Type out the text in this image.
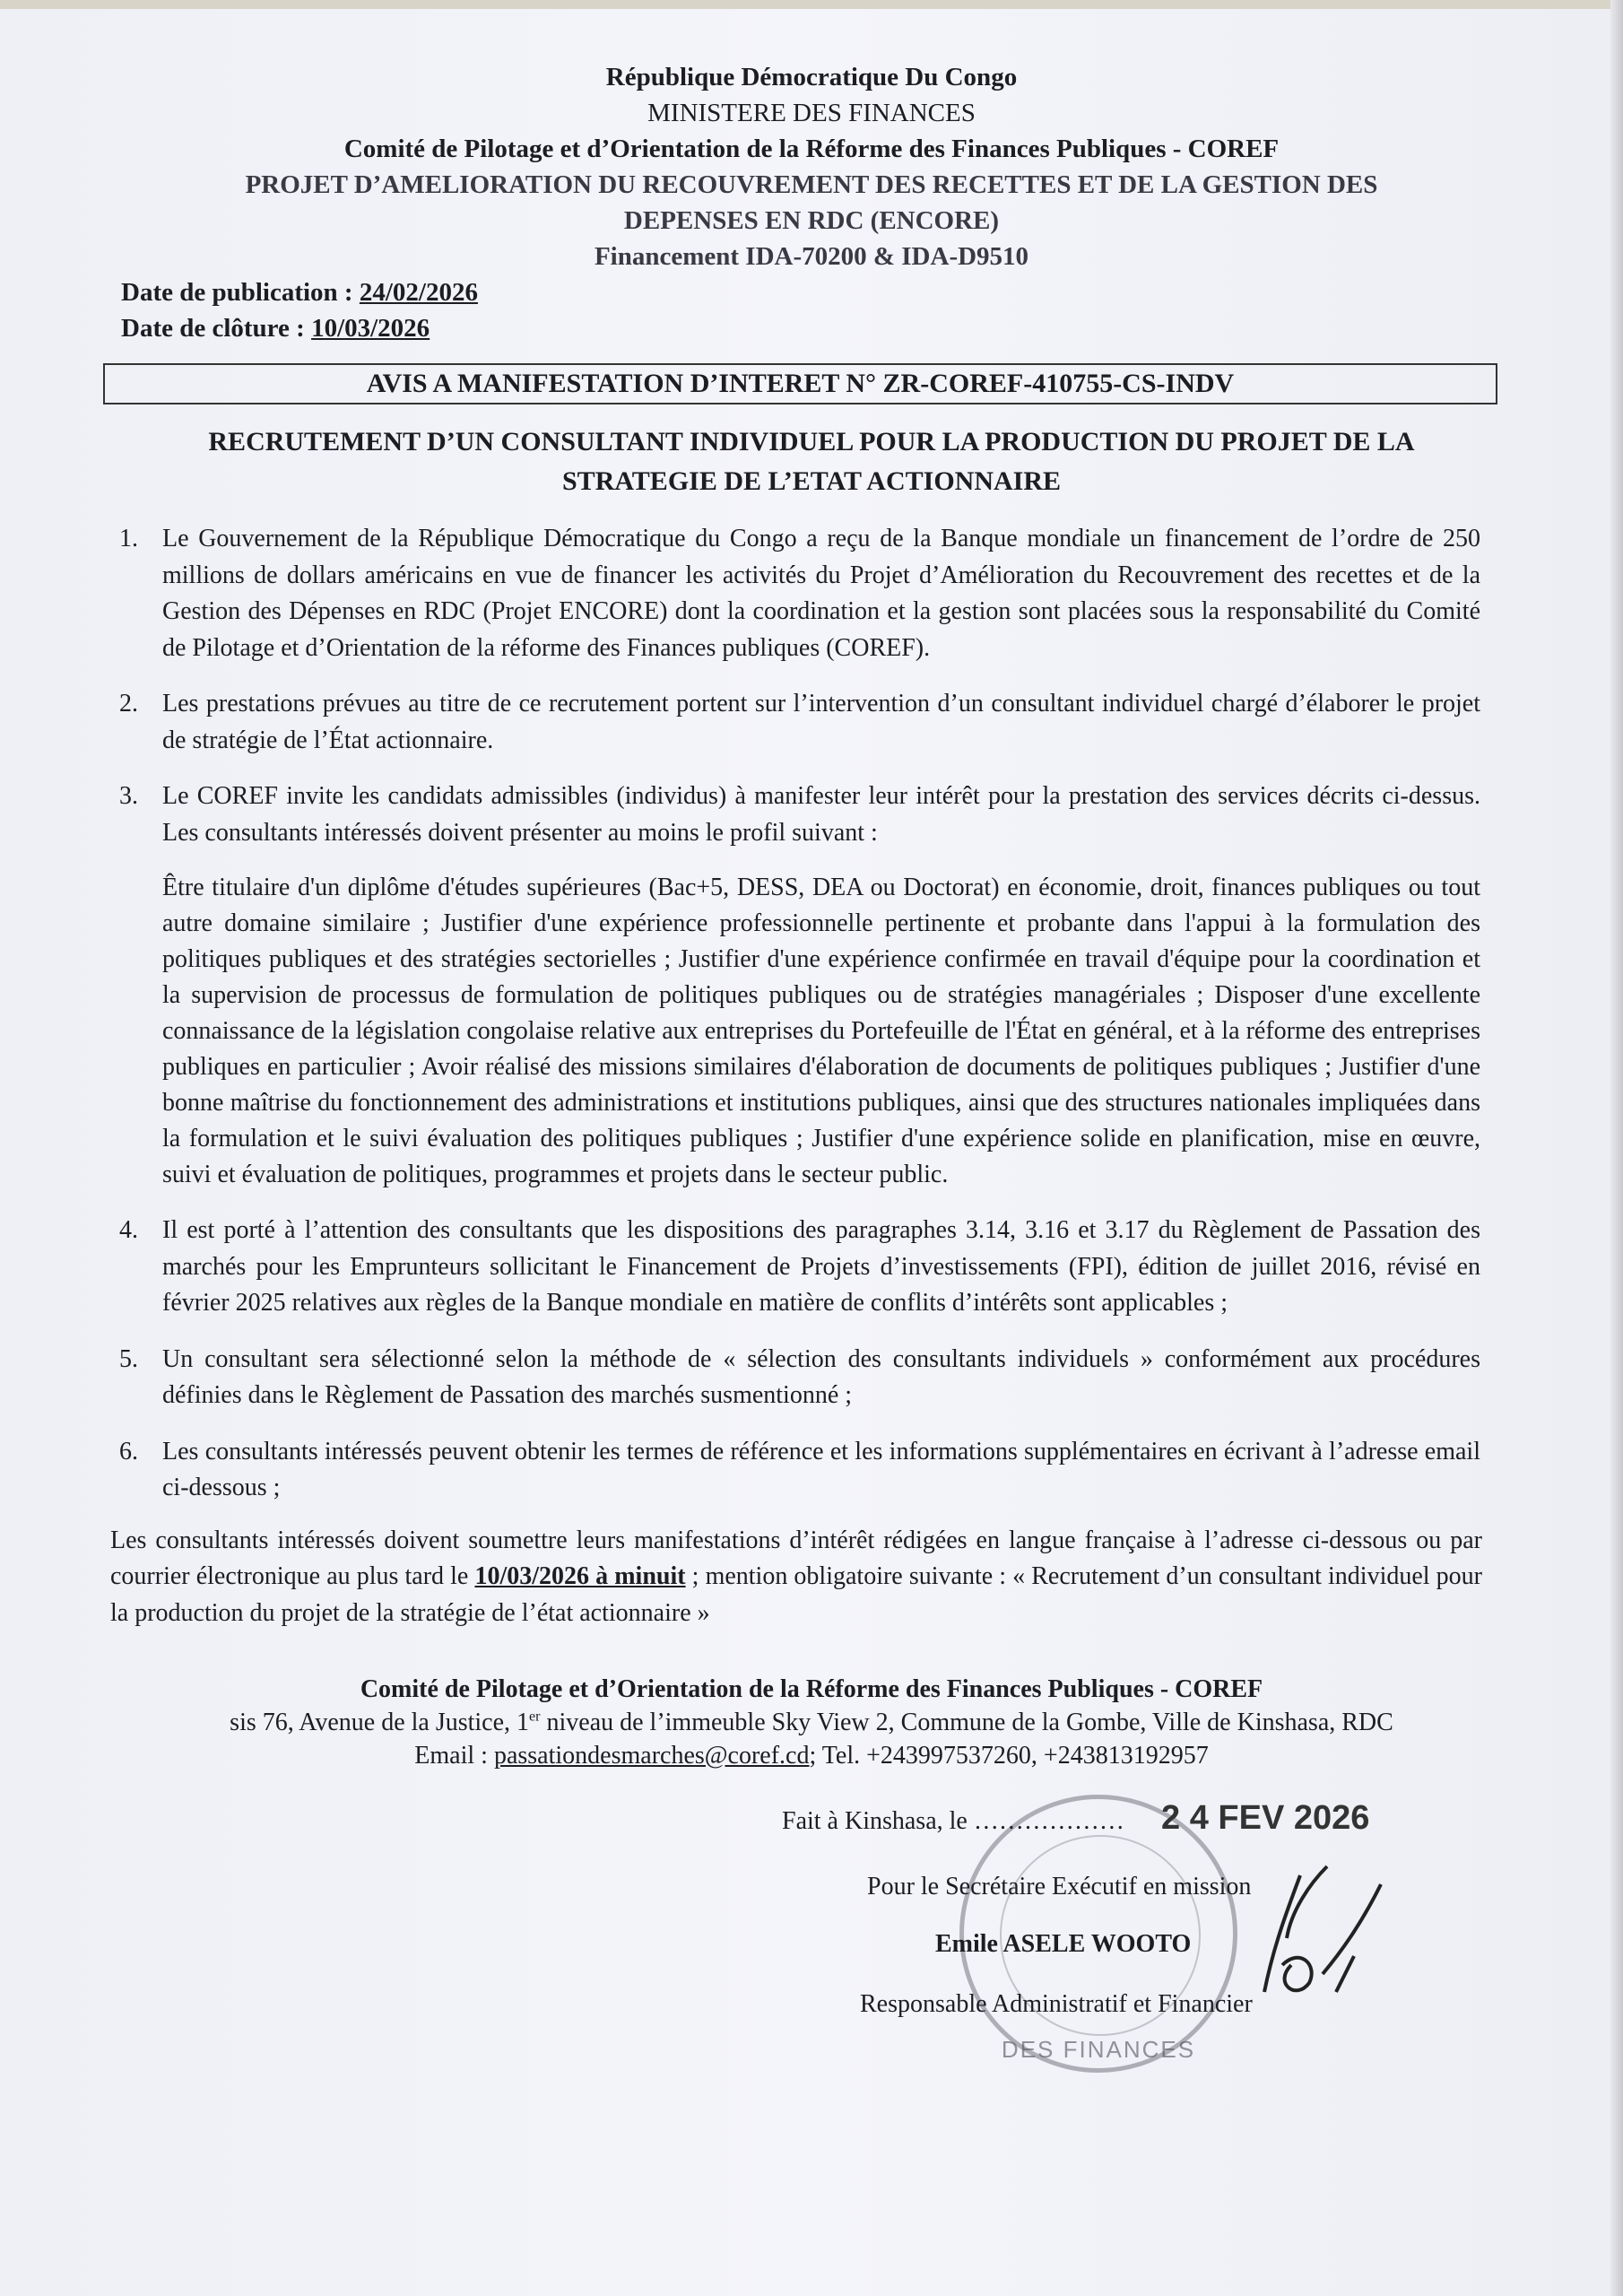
République Démocratique Du Congo
MINISTERE DES FINANCES
Comité de Pilotage et d’Orientation de la Réforme des Finances Publiques - COREF
PROJET D’AMELIORATION DU RECOUVREMENT DES RECETTES ET DE LA GESTION DES
DEPENSES EN RDC (ENCORE)
Financement IDA-70200 & IDA-D9510
Date de publication : 24/02/2026
Date de clôture : 10/03/2026
AVIS A MANIFESTATION D’INTERET N° ZR-COREF-410755-CS-INDV
RECRUTEMENT D’UN CONSULTANT INDIVIDUEL POUR LA PRODUCTION DU PROJET DE LA
STRATEGIE DE L’ETAT ACTIONNAIRE
1. Le Gouvernement de la République Démocratique du Congo a reçu de la Banque mondiale un financement de l’ordre de 250 millions de dollars américains en vue de financer les activités du Projet d’Amélioration du Recouvrement des recettes et de la Gestion des Dépenses en RDC (Projet ENCORE) dont la coordination et la gestion sont placées sous la responsabilité du Comité de Pilotage et d’Orientation de la réforme des Finances publiques (COREF).
2. Les prestations prévues au titre de ce recrutement portent sur l’intervention d’un consultant individuel chargé d’élaborer le projet de stratégie de l’État actionnaire.
3. Le COREF invite les candidats admissibles (individus) à manifester leur intérêt pour la prestation des services décrits ci-dessus. Les consultants intéressés doivent présenter au moins le profil suivant :
Être titulaire d'un diplôme d'études supérieures (Bac+5, DESS, DEA ou Doctorat) en économie, droit, finances publiques ou tout autre domaine similaire ; Justifier d'une expérience professionnelle pertinente et probante dans l'appui à la formulation des politiques publiques et des stratégies sectorielles ; Justifier d'une expérience confirmée en travail d'équipe pour la coordination et la supervision de processus de formulation de politiques publiques ou de stratégies managériales ; Disposer d'une excellente connaissance de la législation congolaise relative aux entreprises du Portefeuille de l'État en général, et à la réforme des entreprises publiques en particulier ; Avoir réalisé des missions similaires d'élaboration de documents de politiques publiques ; Justifier d'une bonne maîtrise du fonctionnement des administrations et institutions publiques, ainsi que des structures nationales impliquées dans la formulation et le suivi évaluation des politiques publiques ; Justifier d'une expérience solide en planification, mise en œuvre, suivi et évaluation de politiques, programmes et projets dans le secteur public.
4. Il est porté à l’attention des consultants que les dispositions des paragraphes 3.14, 3.16 et 3.17 du Règlement de Passation des marchés pour les Emprunteurs sollicitant le Financement de Projets d’investissements (FPI), édition de juillet 2016, révisé en février 2025 relatives aux règles de la Banque mondiale en matière de conflits d’intérêts sont applicables ;
5. Un consultant sera sélectionné selon la méthode de « sélection des consultants individuels » conformément aux procédures définies dans le Règlement de Passation des marchés susmentionné ;
6. Les consultants intéressés peuvent obtenir les termes de référence et les informations supplémentaires en écrivant à l’adresse email ci-dessous ;
Les consultants intéressés doivent soumettre leurs manifestations d’intérêt rédigées en langue française à l’adresse ci-dessous ou par courrier électronique au plus tard le 10/03/2026 à minuit ; mention obligatoire suivante : « Recrutement d’un consultant individuel pour la production du projet de la stratégie de l’état actionnaire »
Comité de Pilotage et d’Orientation de la Réforme des Finances Publiques - COREF
sis 76, Avenue de la Justice, 1er niveau de l’immeuble Sky View 2, Commune de la Gombe, Ville de Kinshasa, RDC
Email : passationdesmarches@coref.cd; Tel. +243997537260, +243813192957
DES FINANCES
Fait à Kinshasa, le ……………… 2 4 FEV 2026
Pour le Secrétaire Exécutif en mission
Emile ASELE WOOTO
Responsable Administratif et Financier
